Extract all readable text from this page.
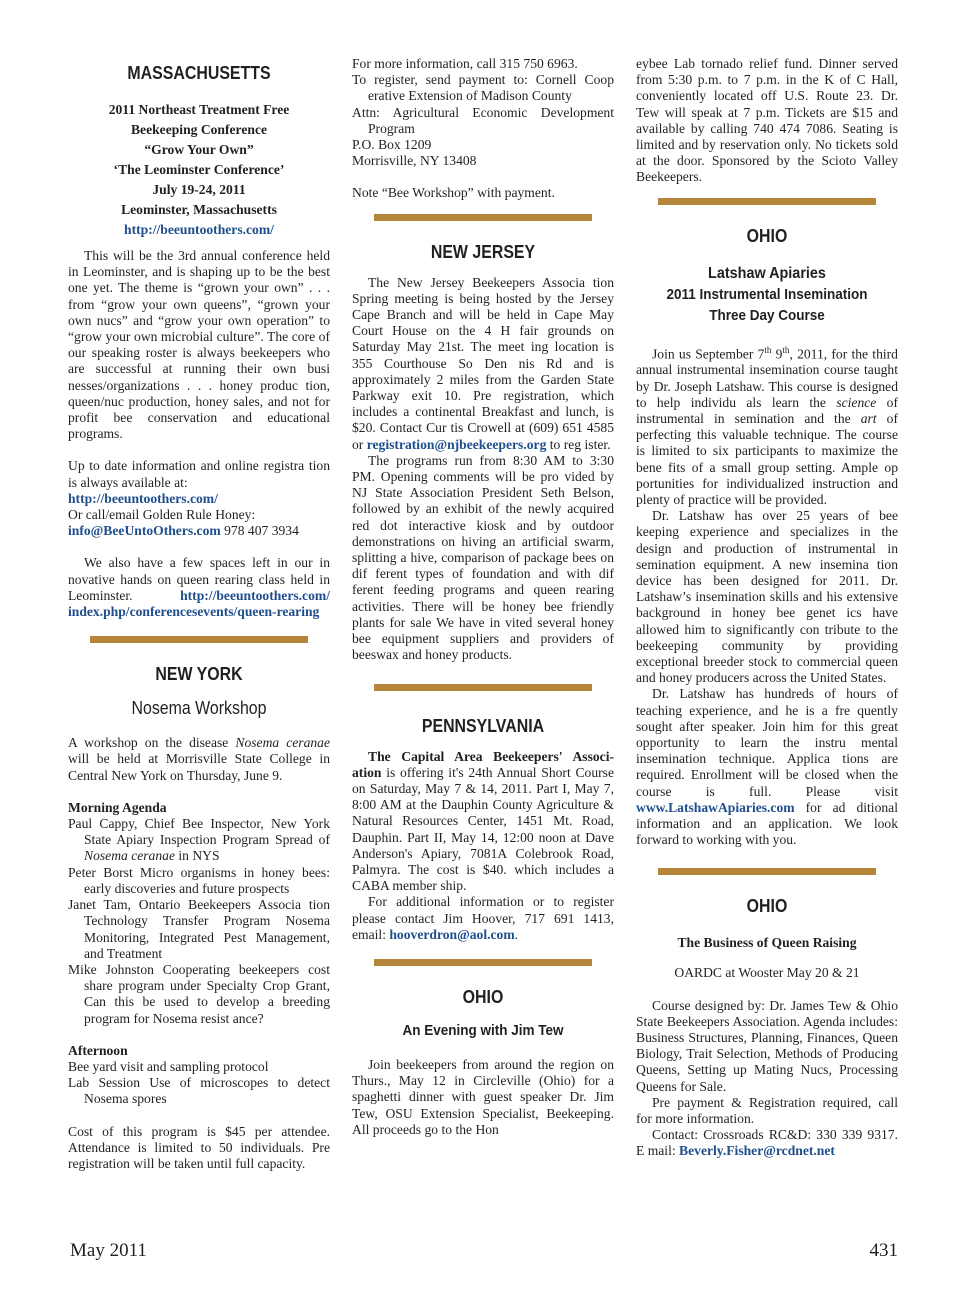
MASSACHUSETTS

2011 Northeast Treatment Free

Beekeeping Conference

“Grow Your Own”

‘The Leominster Conference’

July 19-24, 2011

Leominster, Massachusetts

http://beeuntoothers.com/

This will be the 3rd annual conference held in Leominster, and is shaping up to be the best one yet. The theme is “grown your own” . . . from “grow your own queens”, “grown your own nucs” and “grow your own operation” to “grow your own microbial culture”. The core of our speaking roster is always beekeepers who are successful at running their own busi nesses/organizations . . . honey produc tion, queen/nuc production, honey sales, and not for profit bee conservation and educational programs.

Up to date information and online registra tion is always available at:

http://beeuntoothers.com/

Or call/email Golden Rule Honey:

info@BeeUntoOthers.com 978 407 3934

We also have a few spaces left in our in novative hands on queen rearing class held in Leominster. http://beeuntoothers.com/ index.php/conferencesevents/queen-rearing

NEW YORK

Nosema Workshop

A workshop on the disease Nosema ceranae will be held at Morrisville State College in Central New York on Thursday, June 9.

Morning Agenda

Paul Cappy, Chief Bee Inspector, New York State Apiary Inspection Program Spread of Nosema ceranae in NYS

Peter Borst Micro organisms in honey bees: early discoveries and future prospects

Janet Tam, Ontario Beekeepers Associa tion Technology Transfer Program Nosema Monitoring, Integrated Pest Management, and Treatment

Mike Johnston Cooperating beekeepers cost share program under Specialty Crop Grant, Can this be used to develop a breeding program for Nosema resist ance?

Afternoon

Bee yard visit and sampling protocol

Lab Session Use of microscopes to detect Nosema spores

Cost of this program is $45 per attendee. Attendance is limited to 50 individuals. Pre registration will be taken until full capacity.

For more information, call 315 750 6963.

To register, send payment to: Cornell Coop erative Extension of Madison County

Attn: Agricultural Economic Development Program

P.O. Box 1209

Morrisville, NY 13408

Note “Bee Workshop” with payment.

NEW JERSEY

The New Jersey Beekeepers Associa tion Spring meeting is being hosted by the Jersey Cape Branch and will be held in Cape May Court House on the 4 H fair grounds on Saturday May 21st. The meet ing location is 355 Courthouse So Den nis Rd and is approximately 2 miles from the Garden State Parkway exit 10. Pre registration, which includes a continental Breakfast and lunch, is $20. Contact Cur tis Crowell at (609) 651 4585 or registration@njbeekeepers.org to reg ister.

The programs run from 8:30 AM to 3:30 PM. Opening comments will be pro vided by NJ State Association President Seth Belson, followed by an exhibit of the newly acquired red dot interactive kiosk and by outdoor demonstrations on hiving an artificial swarm, splitting a hive, comparison of package bees on dif ferent types of foundation and with dif ferent feeding programs and queen rearing activities. There will be honey bee friendly plants for sale We have in vited several honey bee equipment suppliers and providers of beeswax and honey products.

PENNSYLVANIA

The Capital Area Beekeepers' Associ- ation is offering it's 24th Annual Short Course on Saturday, May 7 & 14, 2011. Part I, May 7, 8:00 AM at the Dauphin County Agriculture & Natural Resources Center, 1451 Mt. Road, Dauphin. Part II, May 14, 12:00 noon at Dave Anderson's Apiary, 7081A Colebrook Road, Palmyra. The cost is $40. which includes a CABA member ship.

For additional information or to register please contact Jim Hoover, 717 691 1413, email: hooverdron@aol.com.

OHIO

An Evening with Jim Tew

Join beekeepers from around the region on Thurs., May 12 in Circleville (Ohio) for a spaghetti dinner with guest speaker Dr. Jim Tew, OSU Extension Specialist, Beekeeping. All proceeds go to the Hon

eybee Lab tornado relief fund. Dinner served from 5:30 p.m. to 7 p.m. in the K of C Hall, conveniently located off U.S. Route 23. Dr. Tew will speak at 7 p.m. Tickets are $15 and available by calling 740 474 7086. Seating is limited and by reservation only. No tickets sold at the door. Sponsored by the Scioto Valley Beekeepers.

OHIO

Latshaw Apiaries

2011 Instrumental Insemination

Three Day Course

Join us September 7th 9th, 2011, for the third annual instrumental insemination course taught by Dr. Joseph Latshaw. This course is designed to help individu als learn the science of instrumental in semination and the art of perfecting this valuable technique. The course is limited to six participants to maximize the bene fits of a small group setting. Ample op portunities for individualized instruction and plenty of practice will be provided.

Dr. Latshaw has over 25 years of bee keeping experience and specializes in the design and production of instrumental in semination equipment. A new insemina tion device has been designed for 2011. Dr. Latshaw’s insemination skills and his extensive background in honey bee genet ics have allowed him to significantly con tribute to the beekeeping community by providing exceptional breeder stock to commercial queen and honey producers across the United States.

Dr. Latshaw has hundreds of hours of teaching experience, and he is a fre quently sought after speaker. Join him for this great opportunity to learn the instru mental insemination technique. Applica tions are required. Enrollment will be closed when the course is full. Please visit www.LatshawApiaries.com for ad ditional information and an application. We look forward to working with you.

OHIO

The Business of Queen Raising

OARDC at Wooster May 20 & 21

Course designed by: Dr. James Tew & Ohio State Beekeepers Association. Agenda includes: Business Structures, Planning, Finances, Queen Biology, Trait Selection, Methods of Producing Queens, Setting up Mating Nucs, Processing Queens for Sale.

Pre payment & Registration required, call for more information.

Contact: Crossroads RC&D: 330 339 9317. E mail: Beverly.Fisher@rcdnet.net

May 2011	431
